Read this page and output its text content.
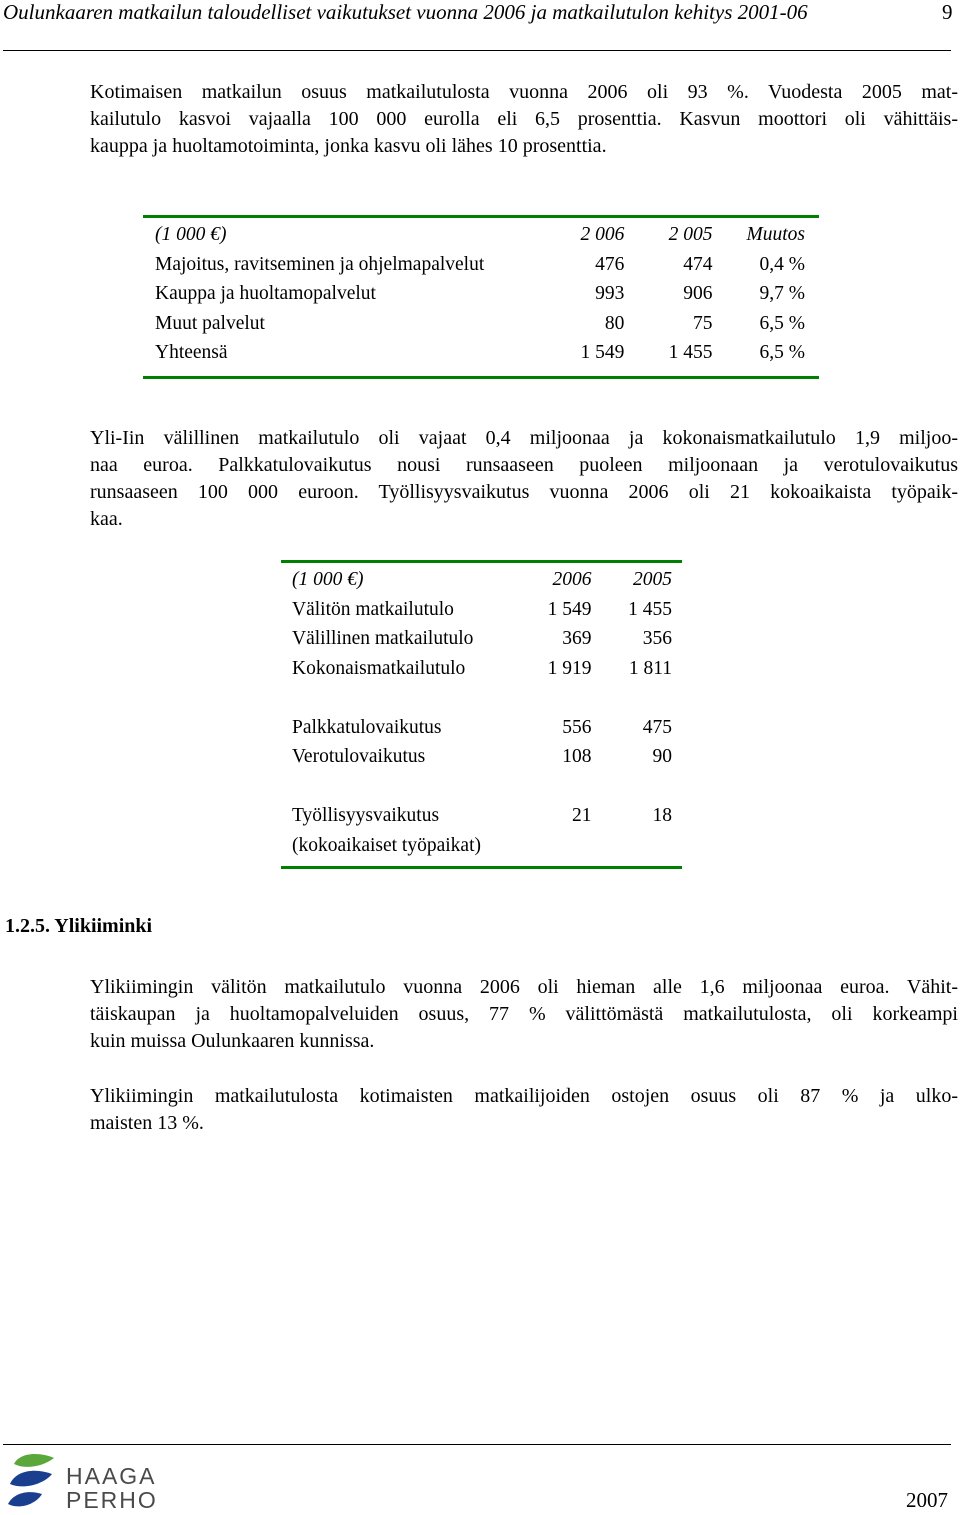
Oulunkaaren matkailun taloudelliset vaikutukset vuonna 2006 ja matkailutulon kehitys 2001-06	9
Kotimaisen matkailun osuus matkailutulosta vuonna 2006 oli 93 %. Vuodesta 2005 mat-
kailutulo kasvoi vajaalla 100 000 eurolla eli 6,5 prosenttia. Kasvun moottori oli vähittäis-
kauppa ja huoltamotoiminta, jonka kasvu oli lähes 10 prosenttia.
(1 000 €)	2 006	2 005	Muutos
Majoitus, ravitseminen ja ohjelmapalvelut	476	474	0,4 %
Kauppa ja huoltamopalvelut	993	906	9,7 %
Muut palvelut	80	75	6,5 %
Yhteensä	1 549	1 455	6,5 %
Yli-Iin välillinen matkailutulo oli vajaat 0,4 miljoonaa ja kokonaismatkailutulo 1,9 miljoo-
naa euroa. Palkkatulovaikutus nousi runsaaseen puoleen miljoonaan ja verotulovaikutus
runsaaseen 100 000 euroon. Työllisyysvaikutus vuonna 2006 oli 21 kokoaikaista työpaik-
kaa.
(1 000 €)	2006	2005
Välitön matkailutulo	1 549	1 455
Välillinen matkailutulo	369	356
Kokonaismatkailutulo	1 919	1 811

Palkkatulovaikutus	556	475
Verotulovaikutus	108	90

Työllisyysvaikutus	21	18
(kokoaikaiset työpaikat)		
1.2.5. Ylikiiminki
Ylikiimingin välitön matkailutulo vuonna 2006 oli hieman alle 1,6 miljoonaa euroa. Vähit-
täiskaupan ja huoltamopalveluiden osuus, 77 % välittömästä matkailutulosta, oli korkeampi
kuin muissa Oulunkaaren kunnissa.
Ylikiimingin matkailutulosta kotimaisten matkailijoiden ostojen osuus oli 87 % ja ulko-
maisten 13 %.
HAAGA
PERHO	2007
